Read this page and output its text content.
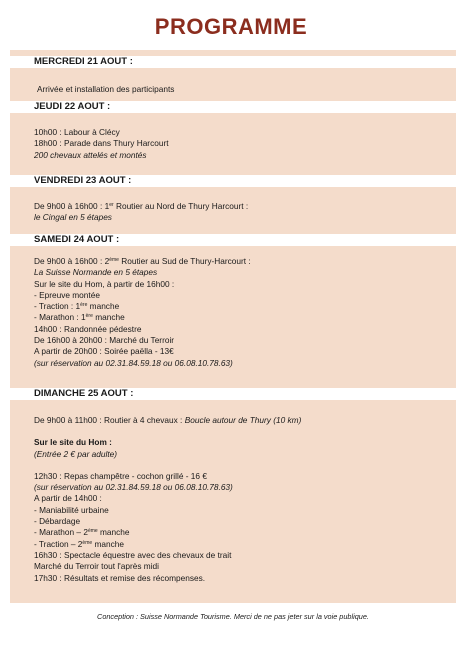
PROGRAMME
MERCREDI 21 AOUT :
Arrivée et installation des participants
JEUDI 22 AOUT :
10h00 : Labour à Clécy
18h00 : Parade dans Thury Harcourt
200 chevaux attelés et montés
VENDREDI 23 AOUT :
De 9h00 à 16h00 : 1er Routier au Nord de Thury Harcourt :
le Cingal en 5 étapes
SAMEDI 24 AOUT :
De 9h00 à 16h00 : 2ème Routier au Sud de Thury-Harcourt :
La Suisse Normande en 5 étapes
Sur le site du Hom, à partir de 16h00 :
- Epreuve montée
- Traction : 1ère manche
- Marathon : 1ère manche
14h00 : Randonnée pédestre
De 16h00 à 20h00 : Marché du Terroir
A partir de 20h00 : Soirée paëlla - 13€
(sur réservation au 02.31.84.59.18 ou 06.08.10.78.63)
DIMANCHE 25 AOUT :
De 9h00 à 11h00 : Routier à 4 chevaux : Boucle autour de Thury (10 km)
Sur le site du Hom :
(Entrée 2 € par adulte)
12h30 : Repas champêtre - cochon grillé - 16 €
(sur réservation au 02.31.84.59.18 ou 06.08.10.78.63)
A partir de 14h00 :
- Maniabilité urbaine
- Débardage
- Marathon – 2ème manche
- Traction – 2ème manche
16h30 : Spectacle équestre avec des chevaux de trait
Marché du Terroir tout l'après midi
17h30 : Résultats et remise des récompenses.
Conception : Suisse Normande Tourisme. Merci de ne pas jeter sur la voie publique.
